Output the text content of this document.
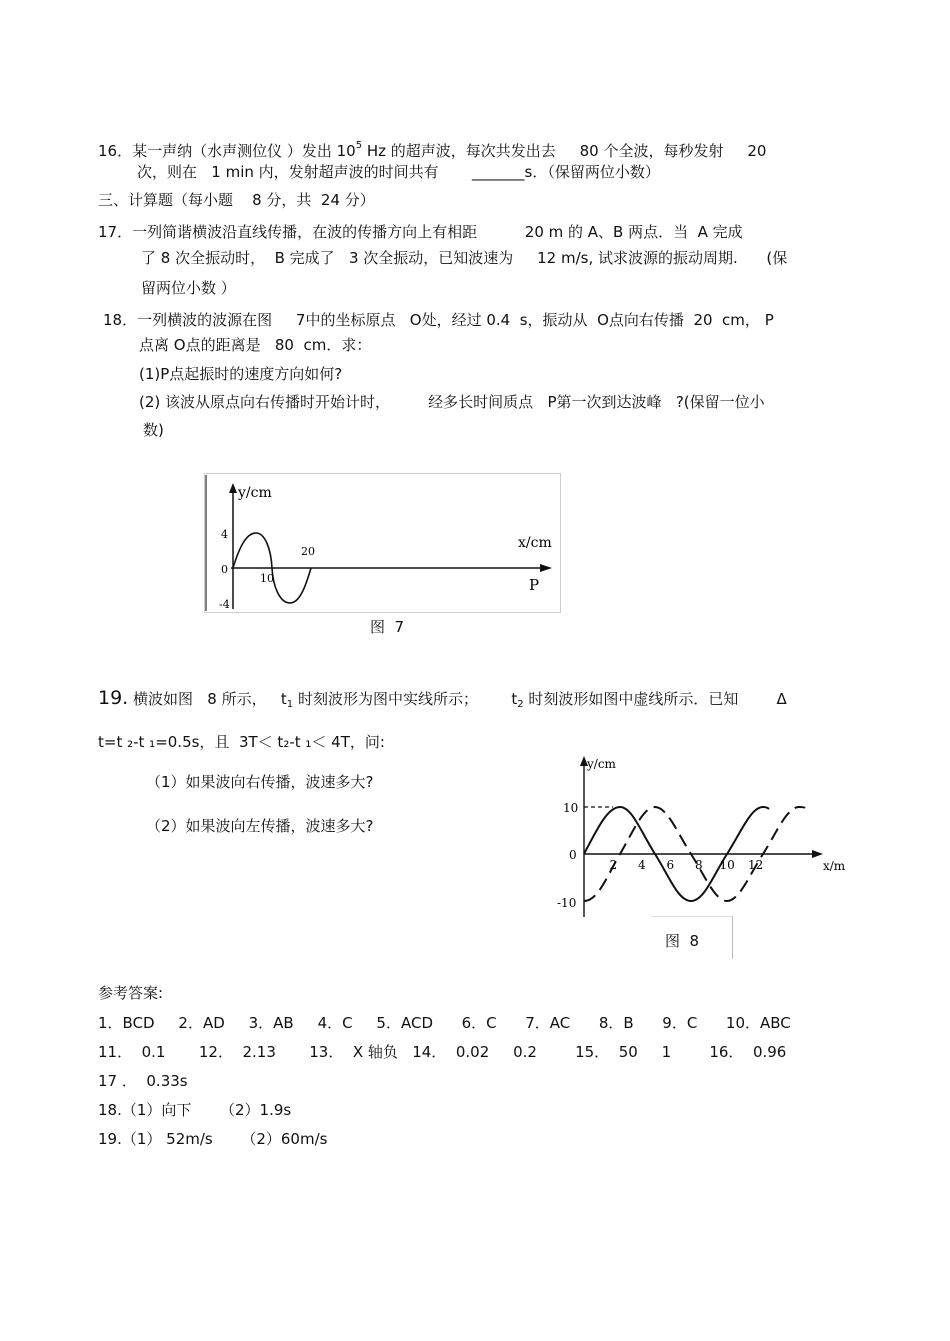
16．某一声纳（水声测位仪 ）发出 $10^5$ Hz 的超声波，每次共发出去     80 个全波，每秒发射     20
次，则在   1 min 内，发射超声波的时间共有       _______s．（保留两位小数）
三、计算题（每小题    8 分，共  24 分）
17．一列简谐横波沿直线传播，在波的传播方向上有相距          20 m 的 A、B 两点．当  A 完成
了 8 次全振动时，  B 完成了   3 次全振动，已知波速为     12 m/s, 试求波源的振动周期.      (保
留两位小数 ）
18．一列横波的波源在图     7中的坐标原点   O处，经过 0.4  s，振动从  O点向右传播  20  cm， P
点离 O点的距离是   80  cm．求：
(1)P点起振时的速度方向如何?
(2) 该波从原点向右传播时开始计时，        经多长时间质点   P第一次到达波峰   ?(保留一位小
数)
y/cm
x/cm
4
0
-4
10
20
P
图  7
19. 横波如图   8 所示，   $t_1$ 时刻波形为图中实线所示；       $t_2$ 时刻波形如图中虚线所示．已知        Δ
t=t ₂-t ₁=0.5s，且  3T＜ t₂-t ₁＜ 4T，问:
（1）如果波向右传播，波速多大?
（2）如果波向左传播，波速多大?
y/cm
x/m
10
0
-10
2 4 6 8 10 12
图  8
参考答案:
1．BCD     2．AD     3．AB     4．C     5．ACD      6．C      7．AC      8．B      9．C      10．ABC
11．  0.1       12．  2.13       13．  X 轴负   14．  0.02     0.2        15．  50     1        16．  0.96
17 ．  0.33s
18.（1）向下      （2）1.9s
19.（1） 52m/s      （2）60m/s
